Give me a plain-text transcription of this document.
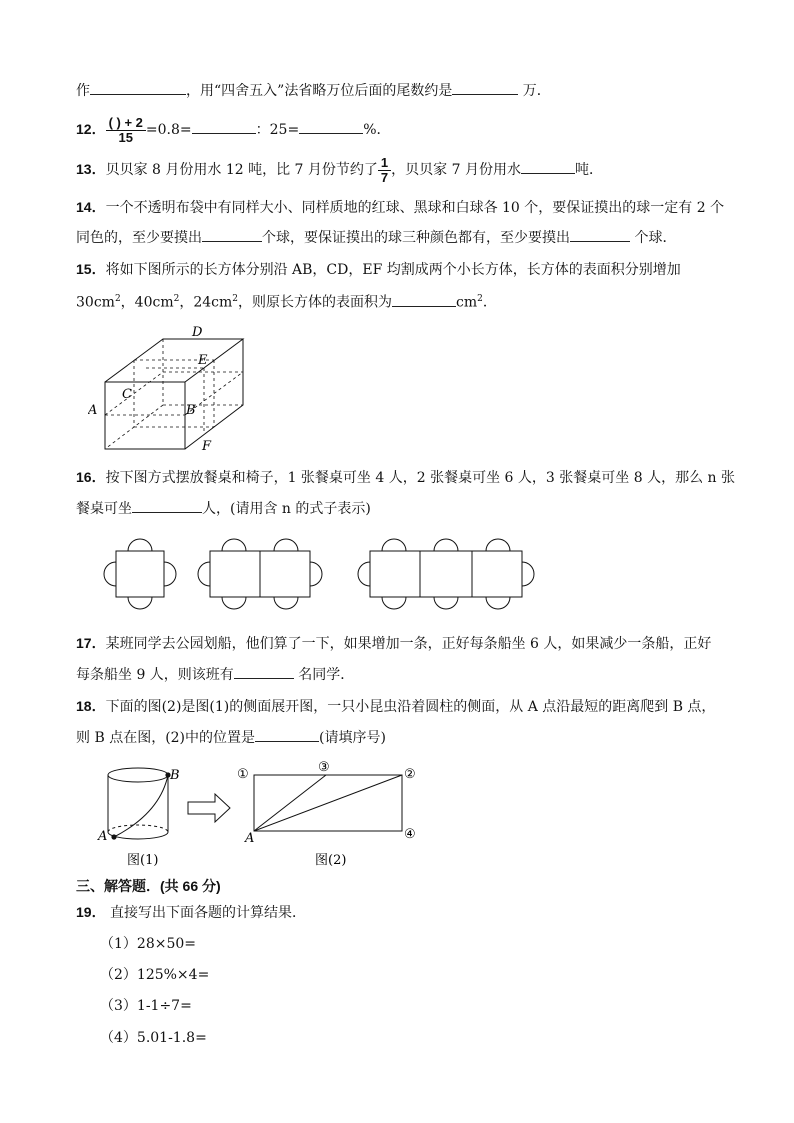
作	，用“四舍五入”法省略万位后面的尾数约是	万．
12． $\frac{( ) + 2}{15} =0.8=$	：25=	%．
13．贝贝家 8 月份用水 12 吨，比 7 月份节约了 $\frac{1}{7}$ ，贝贝家 7 月份用水	吨．
14．一个不透明布袋中有同样大小、同样质地的红球、黑球和白球各 10 个，要保证摸出的球一定有 2 个
同色的，至少要摸出	个球，要保证摸出的球三种颜色都有，至少要摸出	个球．
15．将如下图所示的长方体分别沿 AB，CD，EF 均割成两个小长方体，长方体的表面积分别增加
$30cm^2$，$40cm^2$，$24cm^2$，则原长方体的表面积为	$cm^2$．
A	B
C
D
E
F
16．按下图方式摆放餐桌和椅子，1 张餐桌可坐 4 人，2 张餐桌可坐 6 人，3 张餐桌可坐 8 人，那么 n 张
餐桌可坐	人，(请用含 n 的式子表示)
17．某班同学去公园划船，他们算了一下，如果增加一条，正好每条船坐 6 人，如果减少一条船，正好
每条船坐 9 人，则该班有	名同学．
18．下面的图(2)是图(1)的侧面展开图，一只小昆虫沿着圆柱的侧面，从 A 点沿最短的距离爬到 B 点，
则 B 点在图，(2)中的位置是	(请填序号)
A
B
图(1)
①	③	②
④
A
图(2)
三、解答题．(共 66 分)
19． 直接写出下面各题的计算结果．
（1）28×50=
（2）125%×4=
（3）1-1÷7=
（4）5.01-1.8=
